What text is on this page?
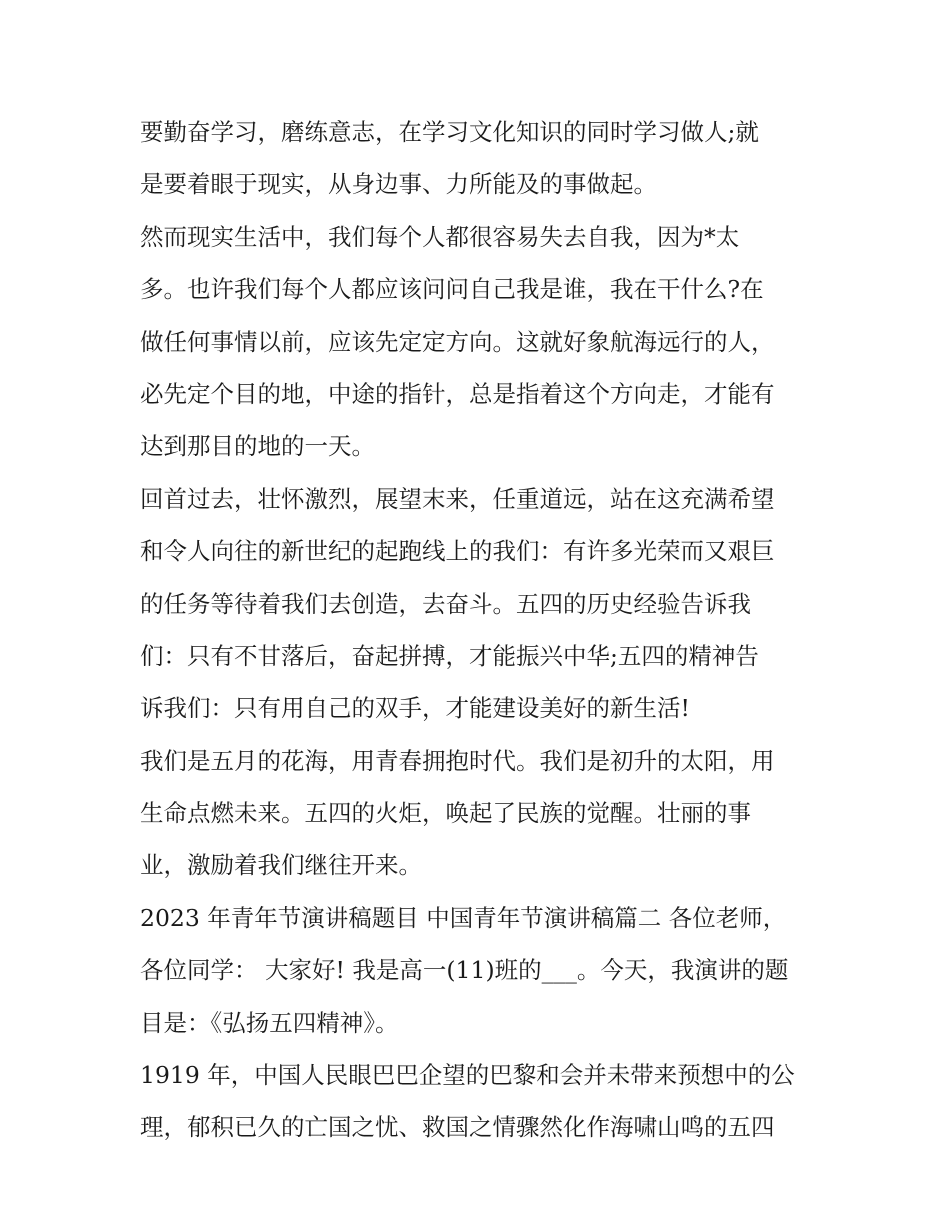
要勤奋学习，磨练意志，在学习文化知识的同时学习做人;就
是要着眼于现实，从身边事、力所能及的事做起。
然而现实生活中，我们每个人都很容易失去自我，因为*太
多。也许我们每个人都应该问问自己我是谁，我在干什么?在
做任何事情以前，应该先定定方向。这就好象航海远行的人，
必先定个目的地，中途的指针，总是指着这个方向走，才能有
达到那目的地的一天。
回首过去，壮怀激烈，展望末来，任重道远，站在这充满希望
和令人向往的新世纪的起跑线上的我们：有许多光荣而又艰巨
的任务等待着我们去创造，去奋斗。五四的历史经验告诉我
们：只有不甘落后，奋起拼搏，才能振兴中华;五四的精神告
诉我们：只有用自己的双手，才能建设美好的新生活!
我们是五月的花海，用青春拥抱时代。我们是初升的太阳，用
生命点燃未来。五四的火炬，唤起了民族的觉醒。壮丽的事
业，激励着我们继往开来。
2023 年青年节演讲稿题目 中国青年节演讲稿篇二 各位老师，
各位同学： 大家好! 我是高一(11)班的___。今天，我演讲的题
目是：《弘扬五四精神》。
1919 年，中国人民眼巴巴企望的巴黎和会并未带来预想中的公
理，郁积已久的亡国之忧、救国之情骤然化作海啸山鸣的五四
